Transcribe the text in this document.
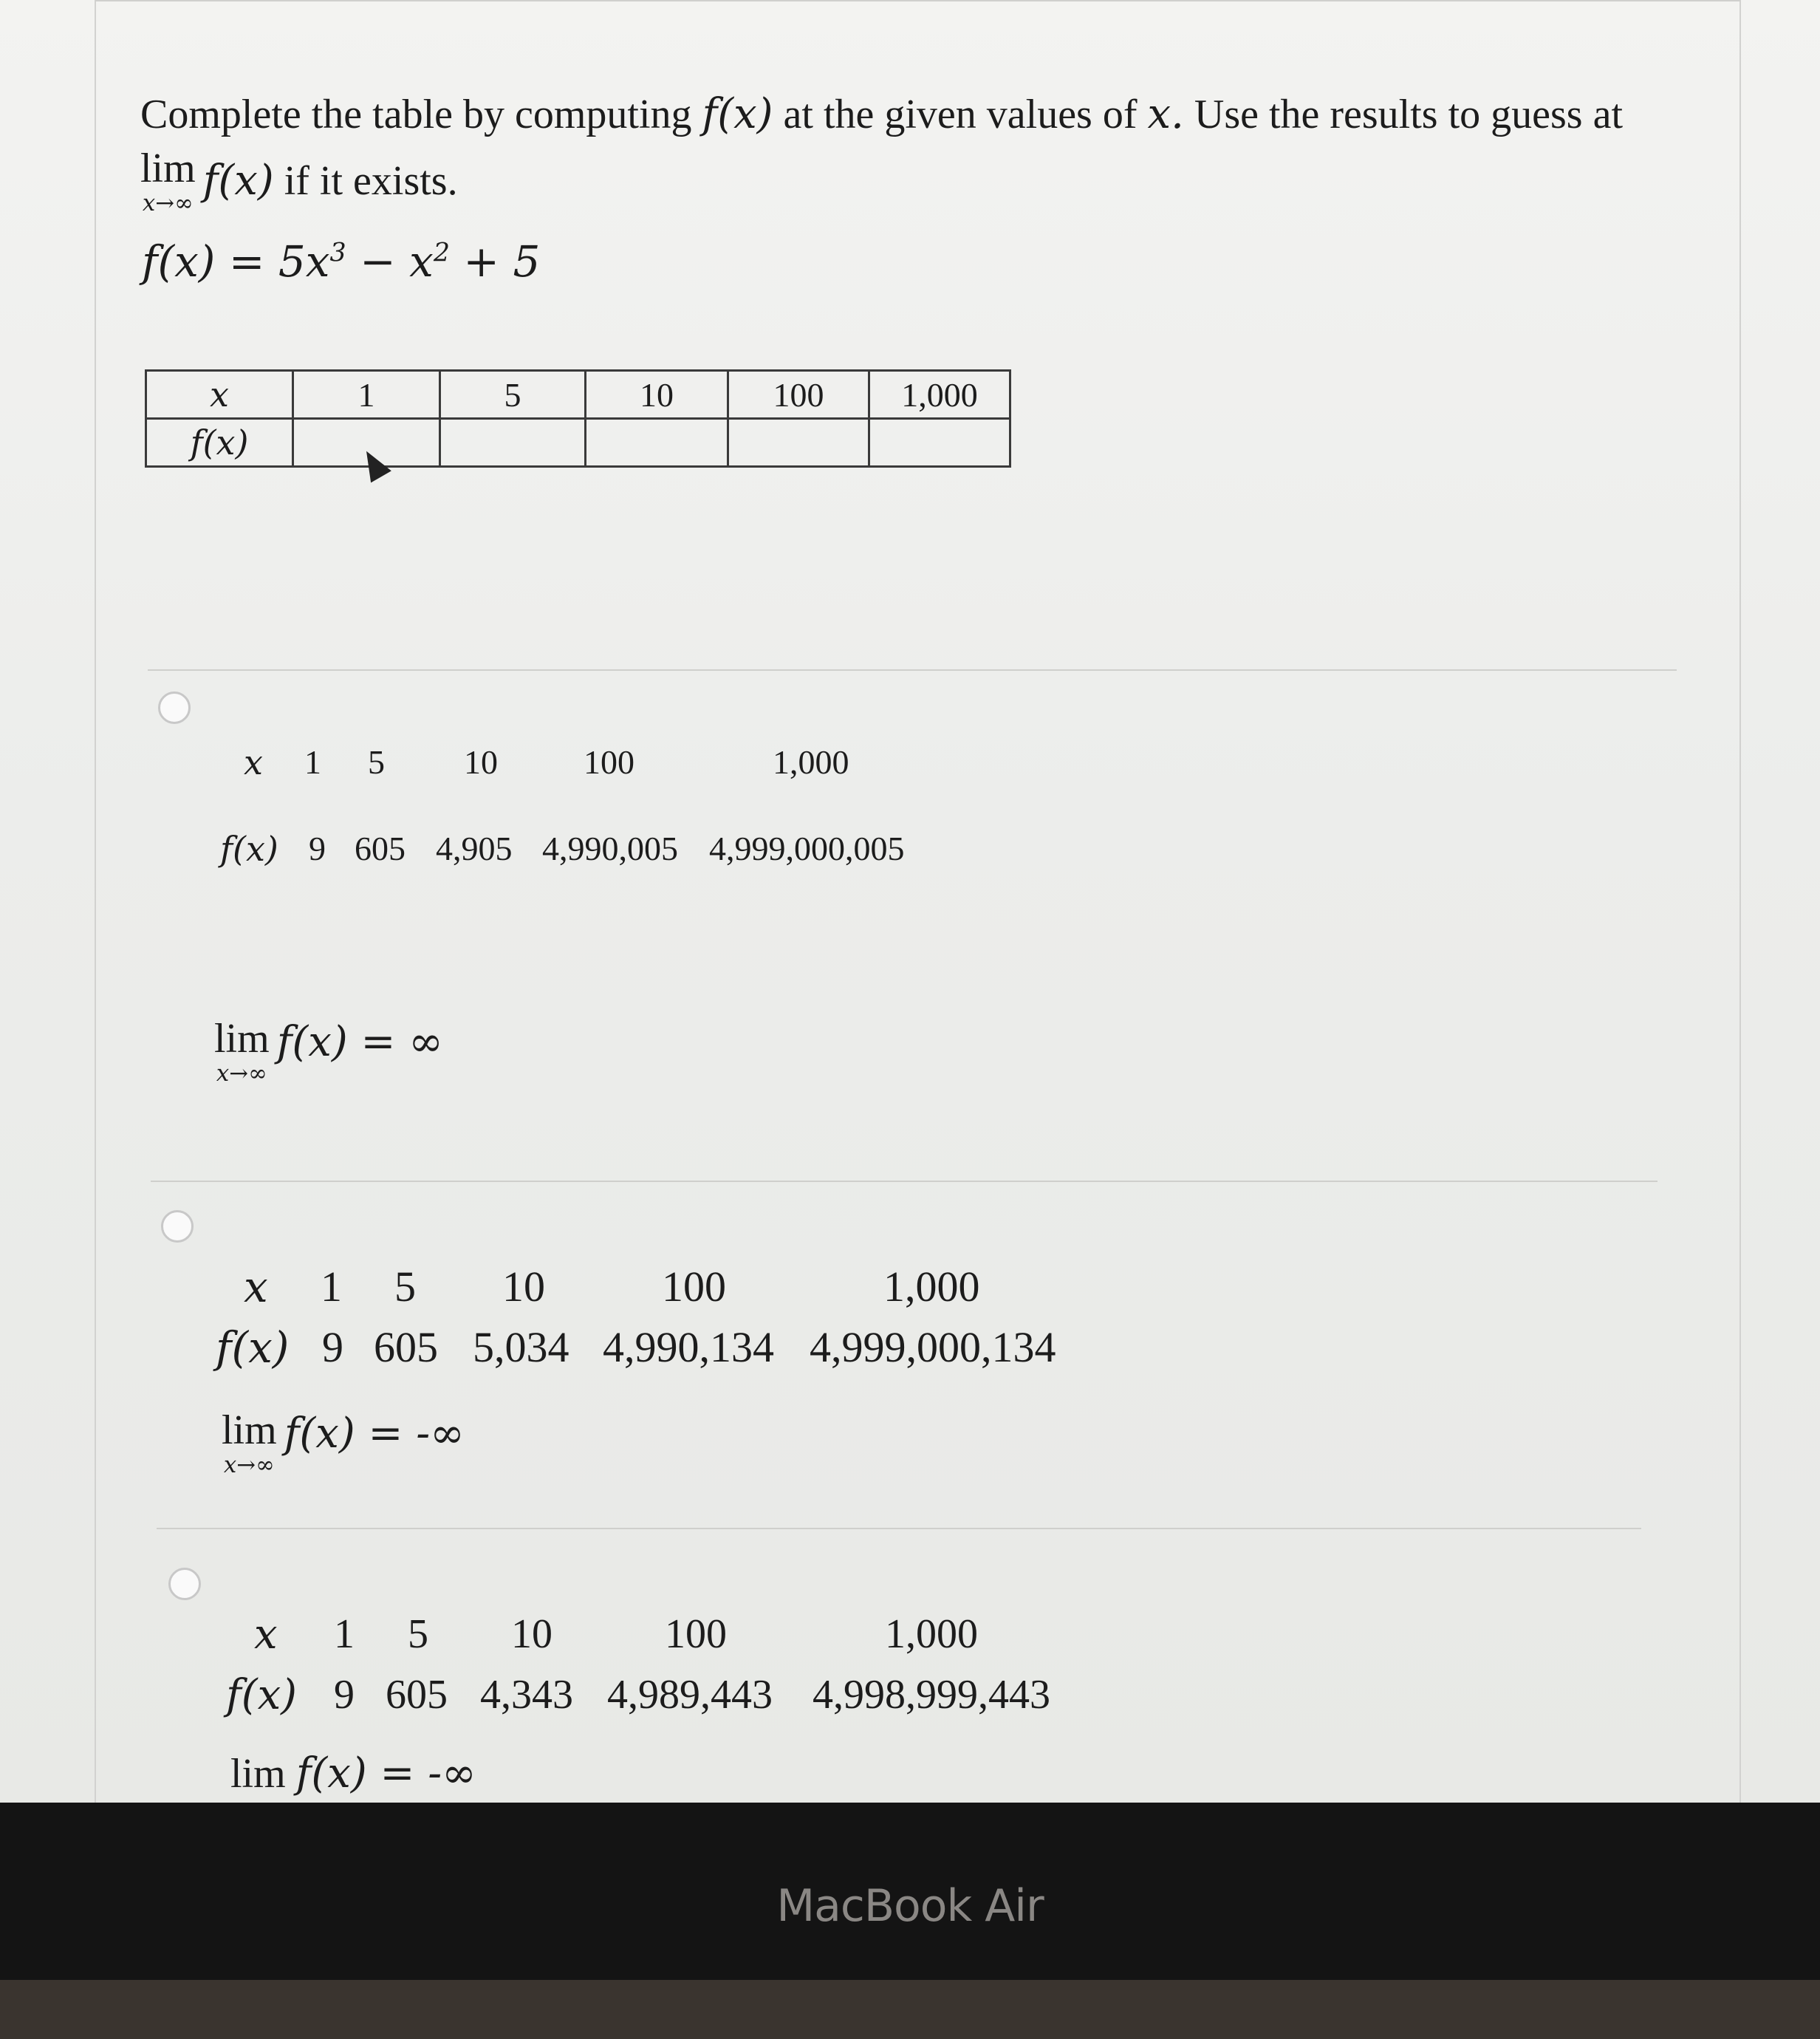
Complete the table by computing f(x) at the given values of x. Use the results to guess at
lim
x→∞ f(x) if it exists.
$f(x) = 5x^3 - x^2 + 5$
x	1	5	10	100	1,000
f(x)					
x 1 5 10	100	1,000
f(x) 9 605 4,905 4,990,005 4,999,000,005
lim
x→∞
f(x) = ∞
x 1 5 10	100	1,000
f(x) 9 605 5,034 4,990,134 4,999,000,134
lim
x→∞
f(x) = -∞
x 1 5 10	100	1,000
f(x) 9 605 4,343 4,989,443 4,998,999,443
lim f(x) = -∞
MacBook Air
